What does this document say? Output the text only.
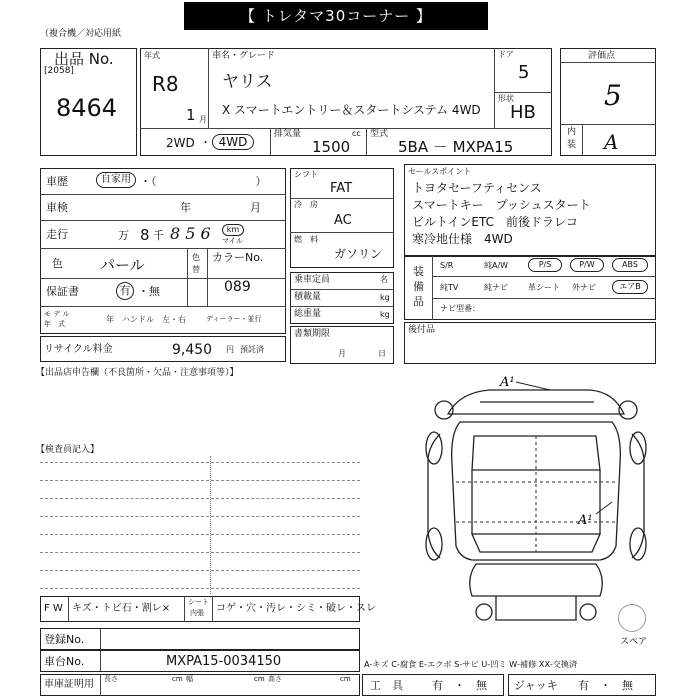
【 トレタマ30コーナー 】
（複合機／対応用紙
出品 No.
[2058]
8464
年式
R8
1 月
車名・グレード
ヤリス
X スマートエントリー＆スタートシステム 4WD
ドア
5
形状
HB
2WD ・ 4WD
排気量	cc
1500
型式
5BA － MXPA15
評価点
5
内
装 A
車歴	自家用 ・（　　　　　　　　　）
車検	年	月
走行	万 8 千 8 5 6	km
マイル
色 パール	色
替
カラーNo.
089
保証書	有 ・無
モ デ ル
年　式	年 ハンドル　左・右	ディーラー・並行
シフト
FAT
冷　房
AC
燃　料
ガソリン
乗車定員	名
積載量	kg
総重量	kg
書類期限
月	日
セールスポイント
トヨタセーフティセンス
スマートキー　プッシュスタート
ビルトインETC　前後ドラレコ
寒冷地仕様　4WD
装
備
品
S/R	純A/W	P/S	P/W	ABS
純TV	純ナビ	革シート 外ナビ	エアB
ナビ型番：
後付品
リサイクル料金	9,450 円 預託済
【出品店申告欄（不良箇所・欠品・注意事項等）】
【検査員記入】
A¹
A¹
スペア
F W キズ・トビ石・割レ×
シート
内張 コゲ・穴・汚レ・シミ・破レ・スレ
登録No.
車台No.	MXPA15-0034150
車庫証明用 長さ	cm 幅	cm 高さ	cm
A-キズ C-腐食 E-エクボ S-サビ U-凹ミ W-補修 XX-交換済
工　具	有　・　無 ジャッキ 有　・　無
